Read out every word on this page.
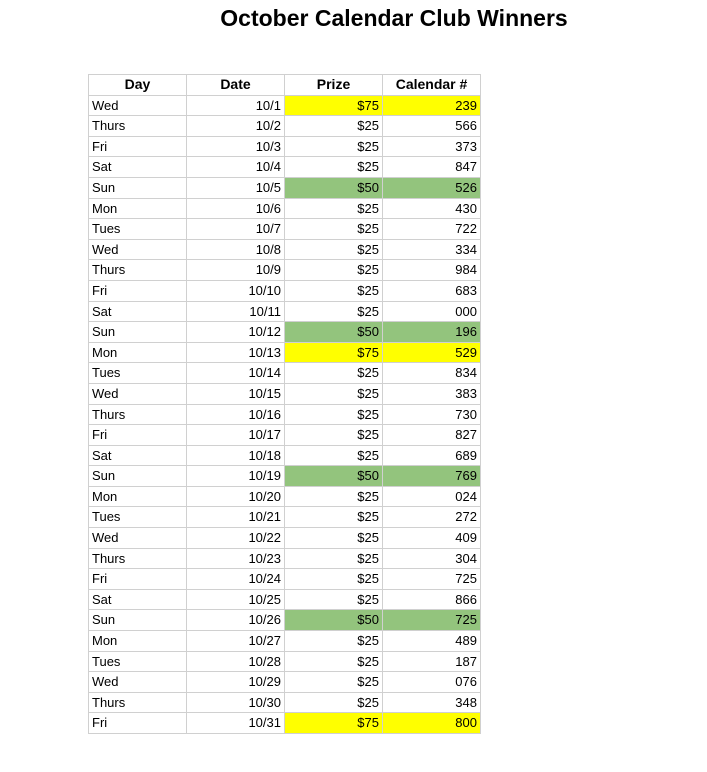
October Calendar Club Winners
Day	Date	Prize	Calendar #
Wed	10/1	$75	239
Thurs	10/2	$25	566
Fri	10/3	$25	373
Sat	10/4	$25	847
Sun	10/5	$50	526
Mon	10/6	$25	430
Tues	10/7	$25	722
Wed	10/8	$25	334
Thurs	10/9	$25	984
Fri	10/10	$25	683
Sat	10/11	$25	000
Sun	10/12	$50	196
Mon	10/13	$75	529
Tues	10/14	$25	834
Wed	10/15	$25	383
Thurs	10/16	$25	730
Fri	10/17	$25	827
Sat	10/18	$25	689
Sun	10/19	$50	769
Mon	10/20	$25	024
Tues	10/21	$25	272
Wed	10/22	$25	409
Thurs	10/23	$25	304
Fri	10/24	$25	725
Sat	10/25	$25	866
Sun	10/26	$50	725
Mon	10/27	$25	489
Tues	10/28	$25	187
Wed	10/29	$25	076
Thurs	10/30	$25	348
Fri	10/31	$75	800
